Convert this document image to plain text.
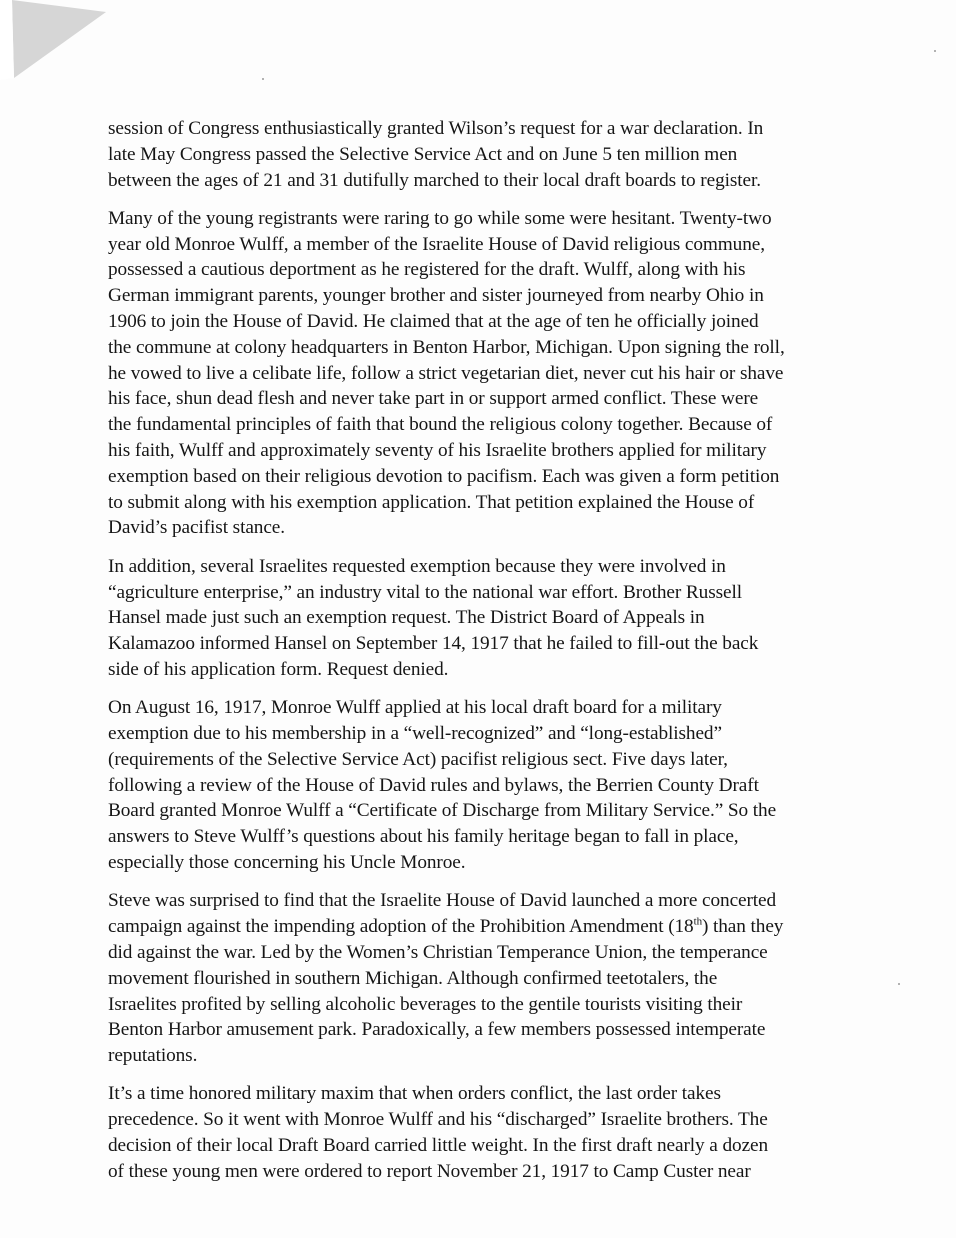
session of Congress enthusiastically granted Wilson’s request for a war declaration. In
late May Congress passed the Selective Service Act and on June 5 ten million men
between the ages of 21 and 31 dutifully marched to their local draft boards to register.

Many of the young registrants were raring to go while some were hesitant. Twenty-two
year old Monroe Wulff, a member of the Israelite House of David religious commune,
possessed a cautious deportment as he registered for the draft. Wulff, along with his
German immigrant parents, younger brother and sister journeyed from nearby Ohio in
1906 to join the House of David. He claimed that at the age of ten he officially joined
the commune at colony headquarters in Benton Harbor, Michigan. Upon signing the roll,
he vowed to live a celibate life, follow a strict vegetarian diet, never cut his hair or shave
his face, shun dead flesh and never take part in or support armed conflict. These were
the fundamental principles of faith that bound the religious colony together. Because of
his faith, Wulff and approximately seventy of his Israelite brothers applied for military
exemption based on their religious devotion to pacifism. Each was given a form petition
to submit along with his exemption application. That petition explained the House of
David’s pacifist stance.

In addition, several Israelites requested exemption because they were involved in
“agriculture enterprise,” an industry vital to the national war effort. Brother Russell
Hansel made just such an exemption request. The District Board of Appeals in
Kalamazoo informed Hansel on September 14, 1917 that he failed to fill-out the back
side of his application form. Request denied.

On August 16, 1917, Monroe Wulff applied at his local draft board for a military
exemption due to his membership in a “well-recognized” and “long-established”
(requirements of the Selective Service Act) pacifist religious sect. Five days later,
following a review of the House of David rules and bylaws, the Berrien County Draft
Board granted Monroe Wulff a “Certificate of Discharge from Military Service.” So the
answers to Steve Wulff’s questions about his family heritage began to fall in place,
especially those concerning his Uncle Monroe.

Steve was surprised to find that the Israelite House of David launched a more concerted
campaign against the impending adoption of the Prohibition Amendment (18th) than they
did against the war. Led by the Women’s Christian Temperance Union, the temperance
movement flourished in southern Michigan. Although confirmed teetotalers, the
Israelites profited by selling alcoholic beverages to the gentile tourists visiting their
Benton Harbor amusement park. Paradoxically, a few members possessed intemperate
reputations.

It’s a time honored military maxim that when orders conflict, the last order takes
precedence. So it went with Monroe Wulff and his “discharged” Israelite brothers. The
decision of their local Draft Board carried little weight. In the first draft nearly a dozen
of these young men were ordered to report November 21, 1917 to Camp Custer near
